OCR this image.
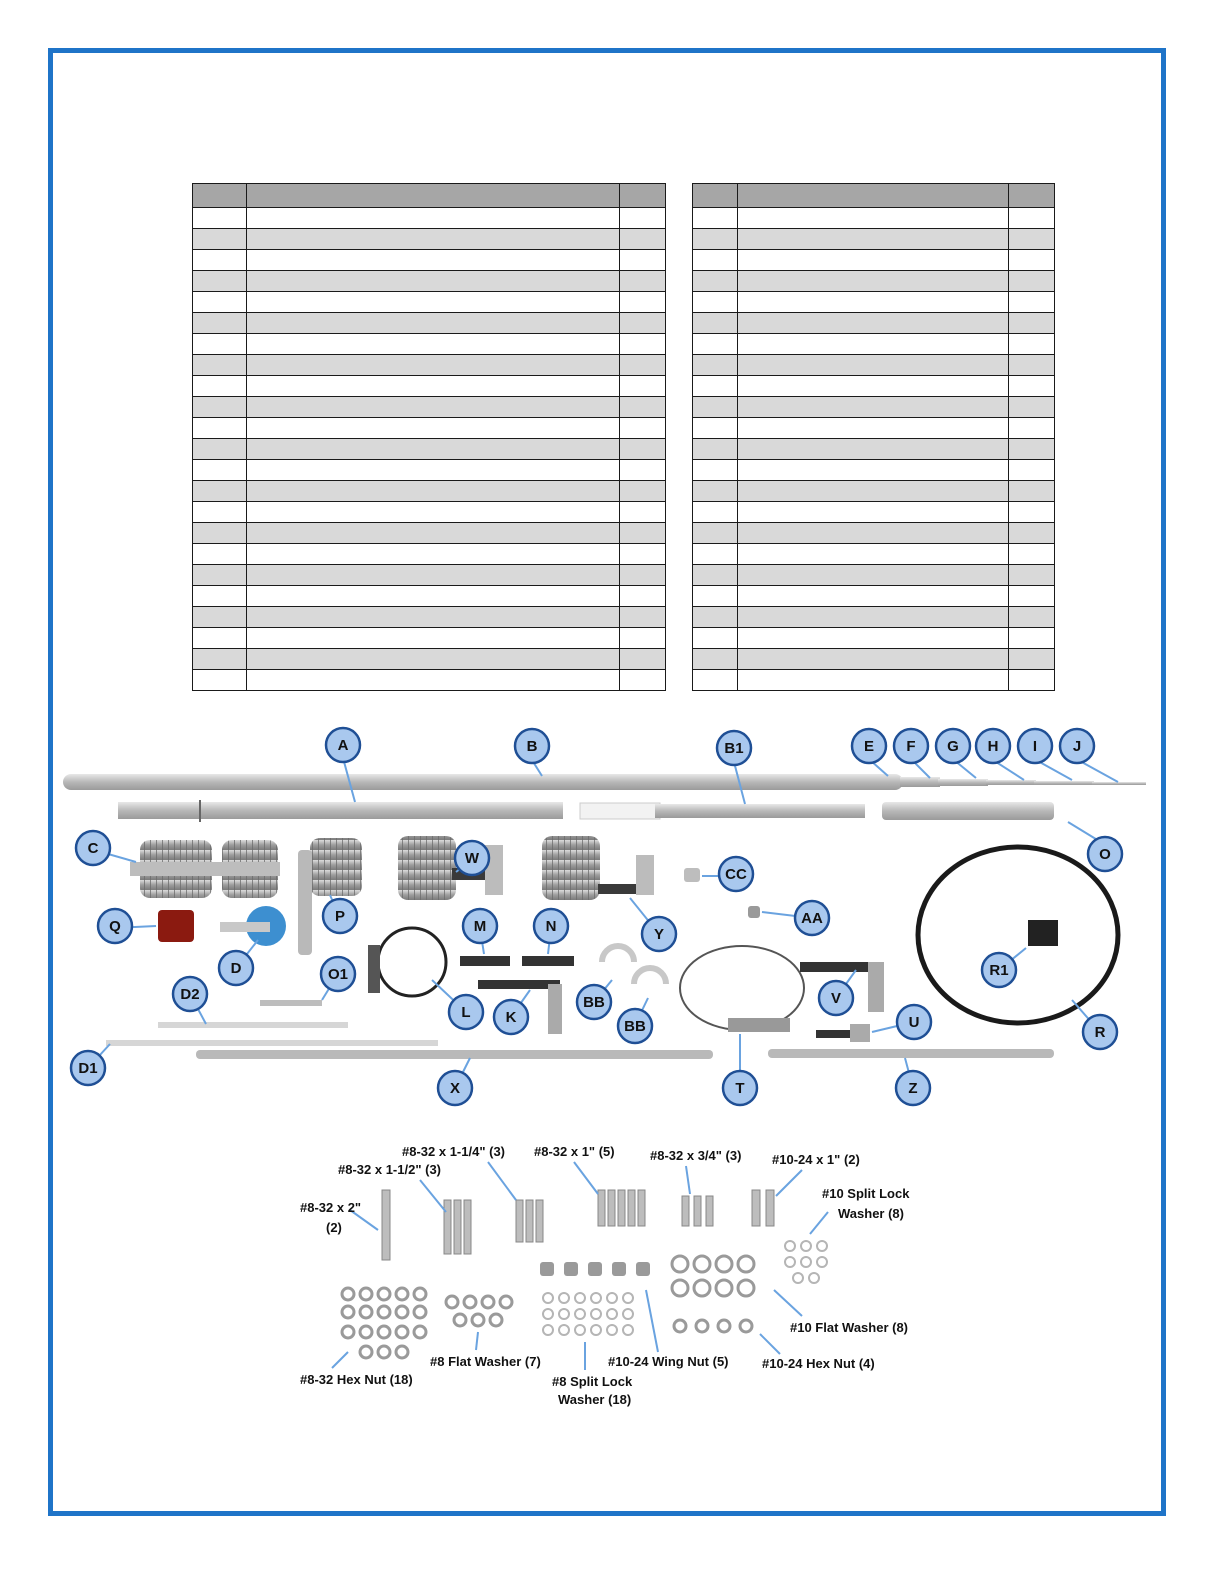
A	B	B1	E F G H I J
C	O
W
CC
Q
P
Y
AA
M	N
D
D2
O1
L K
BB
BB
V
R1
U
R
D1
X	T	Z
#8-32 x 2"
(2)
#8-32 x 1-1/2" (3)
#8-32 x 1-1/4" (3) #8-32 x 1" (5)	#8-32 x 3/4" (3) #10-24 x 1" (2)
#10 Split Lock
Washer (8)
#10 Flat Washer (8)
#10-24 Hex Nut (4)
#10-24 Wing Nut (5)
#8 Split Lock
Washer (18)
#8 Flat Washer (7)
#8-32 Hex Nut (18)
